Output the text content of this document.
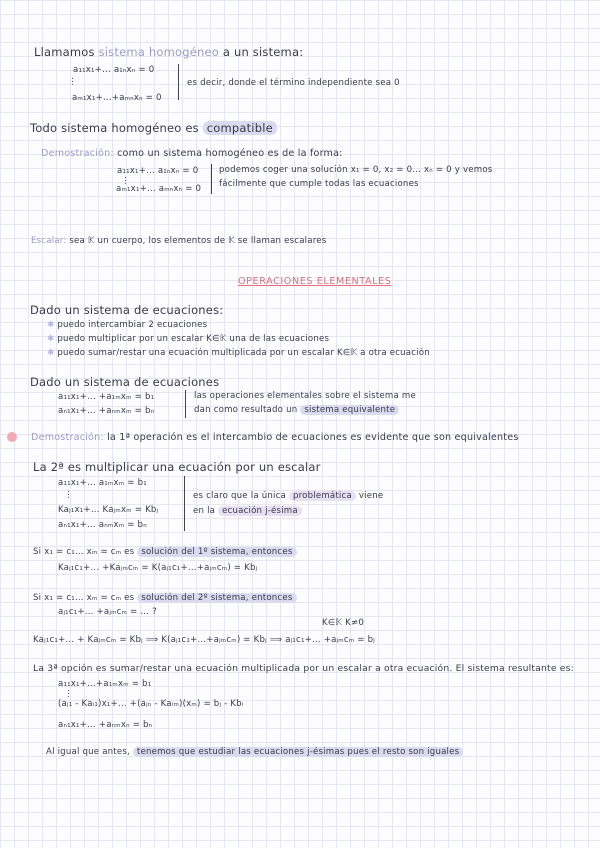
Llamamos sistema homogéneo a un sistema:
a₁₁x₁+... a₁ₙxₙ = 0
⋮
aₘ₁x₁+...+aₘₙxₙ = 0
es decir, donde el término independiente sea 0
Todo sistema homogéneo es compatible
Demostración: como un sistema homogéneo es de la forma:
a₁₁x₁+... a₁ₙxₙ = 0
⋮
aₘ₁x₁+... aₘₙxₙ = 0
podemos coger una solución x₁ = 0, x₂ = 0... xₙ = 0 y vemos
fácilmente que cumple todas las ecuaciones
Escalar: sea 𝕂 un cuerpo, los elementos de 𝕂 se llaman escalares
OPERACIONES ELEMENTALES
Dado un sistema de ecuaciones:
✱ puedo intercambiar 2 ecuaciones
✱ puedo multiplicar por un escalar K∈𝕂 una de las ecuaciones
✱ puedo sumar/restar una ecuación multiplicada por un escalar K∈𝕂 a otra ecuación
Dado un sistema de ecuaciones
a₁₁x₁+... +a₁ₘxₘ = b₁
aₙ₁x₁+... +aₙₘxₘ = bₙ
las operaciones elementales sobre el sistema me
dan como resultado un sistema equivalente
Demostración: la 1ª operación es el intercambio de ecuaciones es evidente que son equivalentes
La 2ª es multiplicar una ecuación por un escalar
a₁₁x₁+... a₁ₘxₘ = b₁
⋮
Kaⱼ₁x₁+... Kaⱼₘxₘ = Kbⱼ
aₙ₁x₁+... aₙₘxₘ = bₙ
es claro que la única problemática viene
en la ecuación j-ésima
Si x₁ = c₁... xₘ = cₘ es solución del 1º sistema, entonces
Kaⱼ₁c₁+... +Kaⱼₘcₘ = K(aⱼ₁c₁+...+aⱼₘcₘ) = Kbⱼ
Si x₁ = c₁... xₘ = cₘ es solución del 2º sistema, entonces
aⱼ₁c₁+... +aⱼₘcₘ = ... ?
K∈𝕂 K≠0
Kaⱼ₁c₁+... + Kaⱼₘcₘ = Kbⱼ ⟹ K(aⱼ₁c₁+...+aⱼₘcₘ) = Kbⱼ ⟹ aⱼ₁c₁+... +aⱼₘcₘ = bⱼ
La 3ª opción es sumar/restar una ecuación multiplicada por un escalar a otra ecuación. El sistema resultante es:
a₁₁x₁+...+a₁ₘxₘ = b₁
⋮
(aⱼ₁ - Kaᵢ₁)x₁+... +(aⱼₙ - Kaᵢₘ)(xₘ) = bⱼ - Kbᵢ
aₙ₁x₁+... +aₙₘxₙ = bₙ
Al igual que antes, tenemos que estudiar las ecuaciones j-ésimas pues el resto son iguales
